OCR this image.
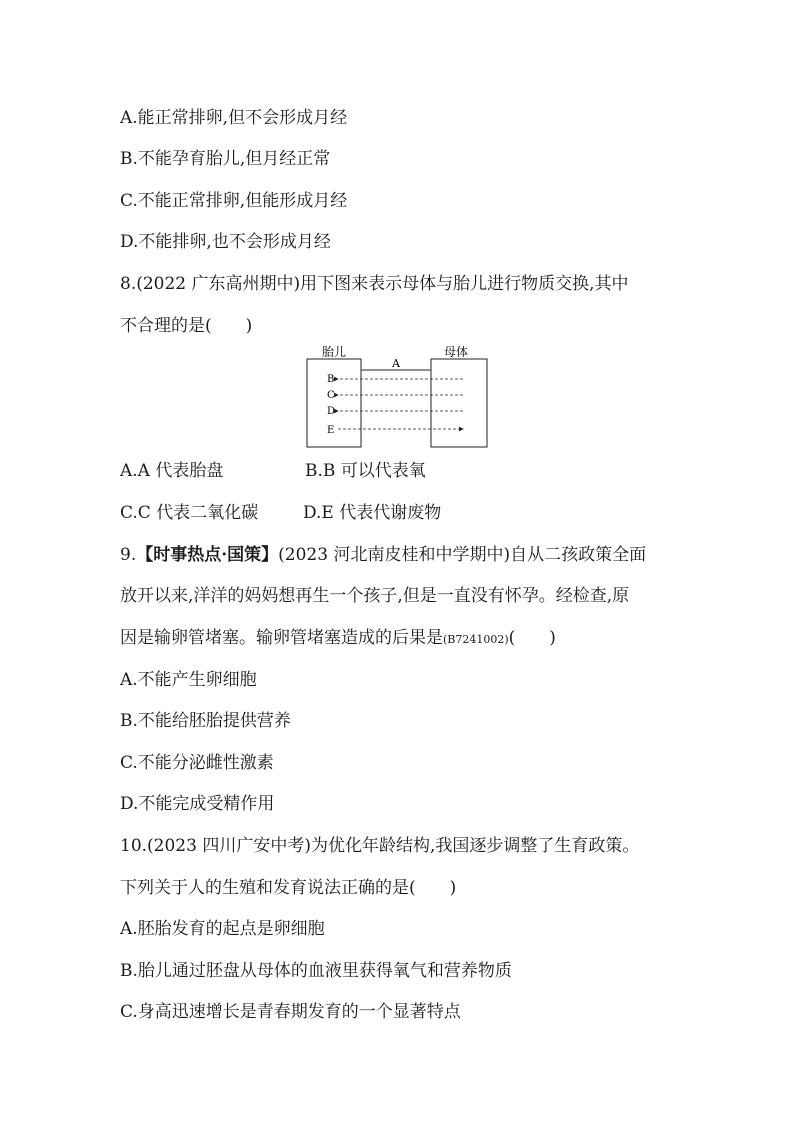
A.能正常排卵,但不会形成月经
B.不能孕育胎儿,但月经正常
C.不能正常排卵,但能形成月经
D.不能排卵,也不会形成月经
8.(2022 广东高州期中)用下图来表示母体与胎儿进行物质交换,其中
不合理的是(　　)
胎儿	母体
A
B
C
D
E
A.A 代表胎盘	B.B 可以代表氧
C.C 代表二氧化碳	D.E 代表代谢废物
9.【时事热点·国策】(2023 河北南皮桂和中学期中)自从二孩政策全面
放开以来,洋洋的妈妈想再生一个孩子,但是一直没有怀孕。经检查,原
因是输卵管堵塞。输卵管堵塞造成的后果是(B7241002)(　　)
A.不能产生卵细胞
B.不能给胚胎提供营养
C.不能分泌雌性激素
D.不能完成受精作用
10.(2023 四川广安中考)为优化年龄结构,我国逐步调整了生育政策。
下列关于人的生殖和发育说法正确的是(　　)
A.胚胎发育的起点是卵细胞
B.胎儿通过胚盘从母体的血液里获得氧气和营养物质
C.身高迅速增长是青春期发育的一个显著特点
